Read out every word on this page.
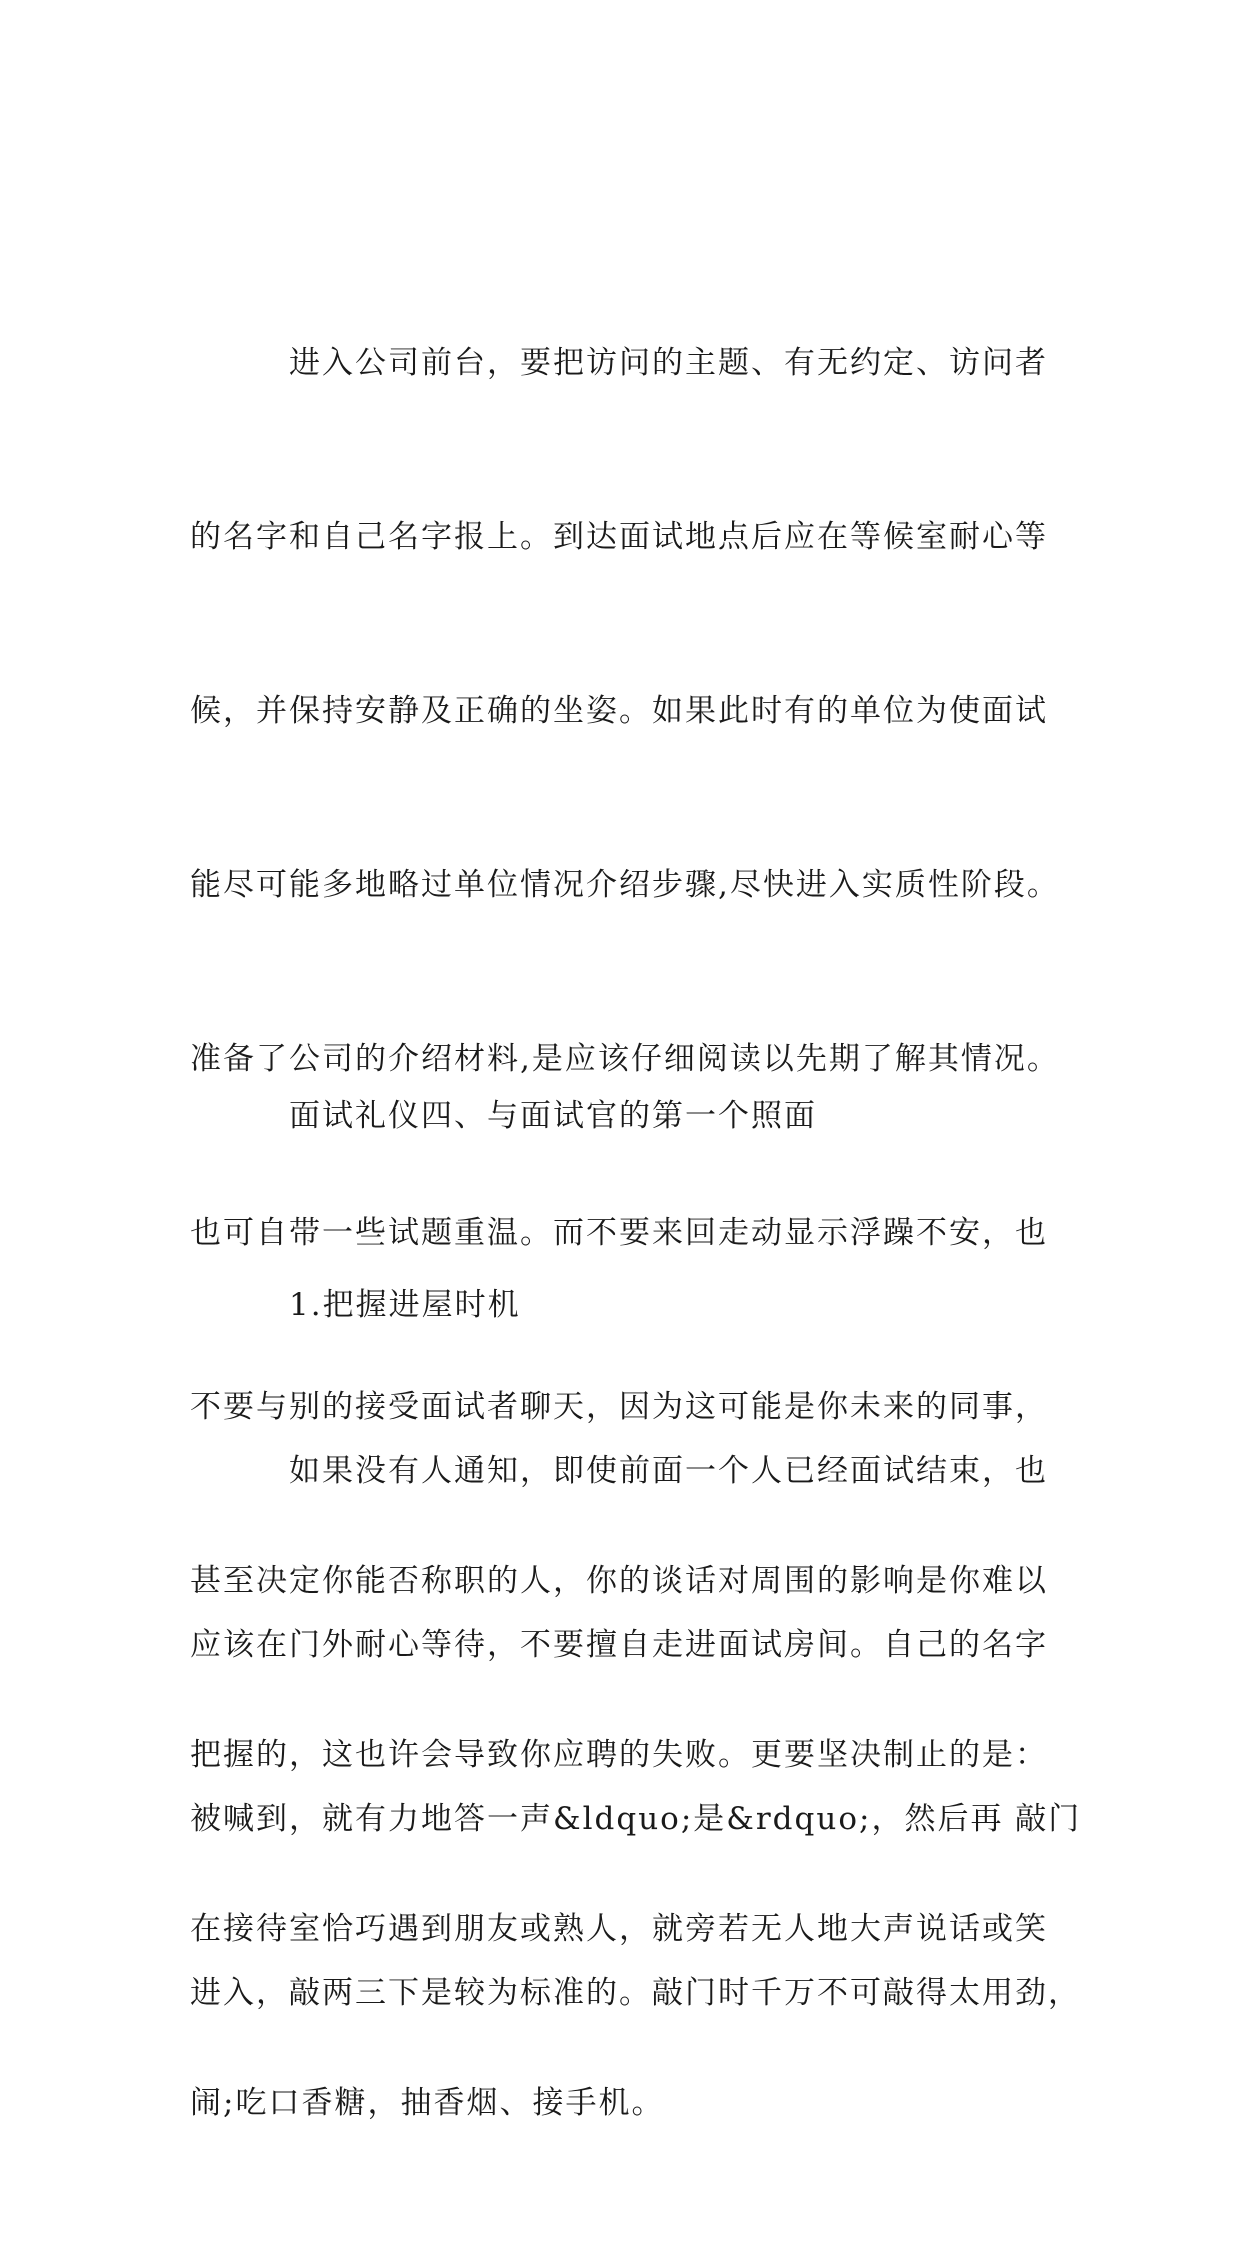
　　　进入公司前台，要把访问的主题、有无约定、访问者

的名字和自己名字报上。到达面试地点后应在等候室耐心等

候，并保持安静及正确的坐姿。如果此时有的单位为使面试

能尽可能多地略过单位情况介绍步骤,尽快进入实质性阶段。

准备了公司的介绍材料,是应该仔细阅读以先期了解其情况。

也可自带一些试题重温。而不要来回走动显示浮躁不安，也

不要与别的接受面试者聊天，因为这可能是你未来的同事，

甚至决定你能否称职的人，你的谈话对周围的影响是你难以

把握的，这也许会导致你应聘的失败。更要坚决制止的是：

在接待室恰巧遇到朋友或熟人，就旁若无人地大声说话或笑

闹;吃口香糖，抽香烟、接手机。

　　　面试礼仪四、与面试官的第一个照面

　　　1.把握进屋时机

　　　如果没有人通知，即使前面一个人已经面试结束，也

应该在门外耐心等待，不要擅自走进面试房间。自己的名字

被喊到，就有力地答一声&ldquo;是&rdquo;，然后再 敲门

进入，敲两三下是较为标准的。敲门时千万不可敲得太用劲，
